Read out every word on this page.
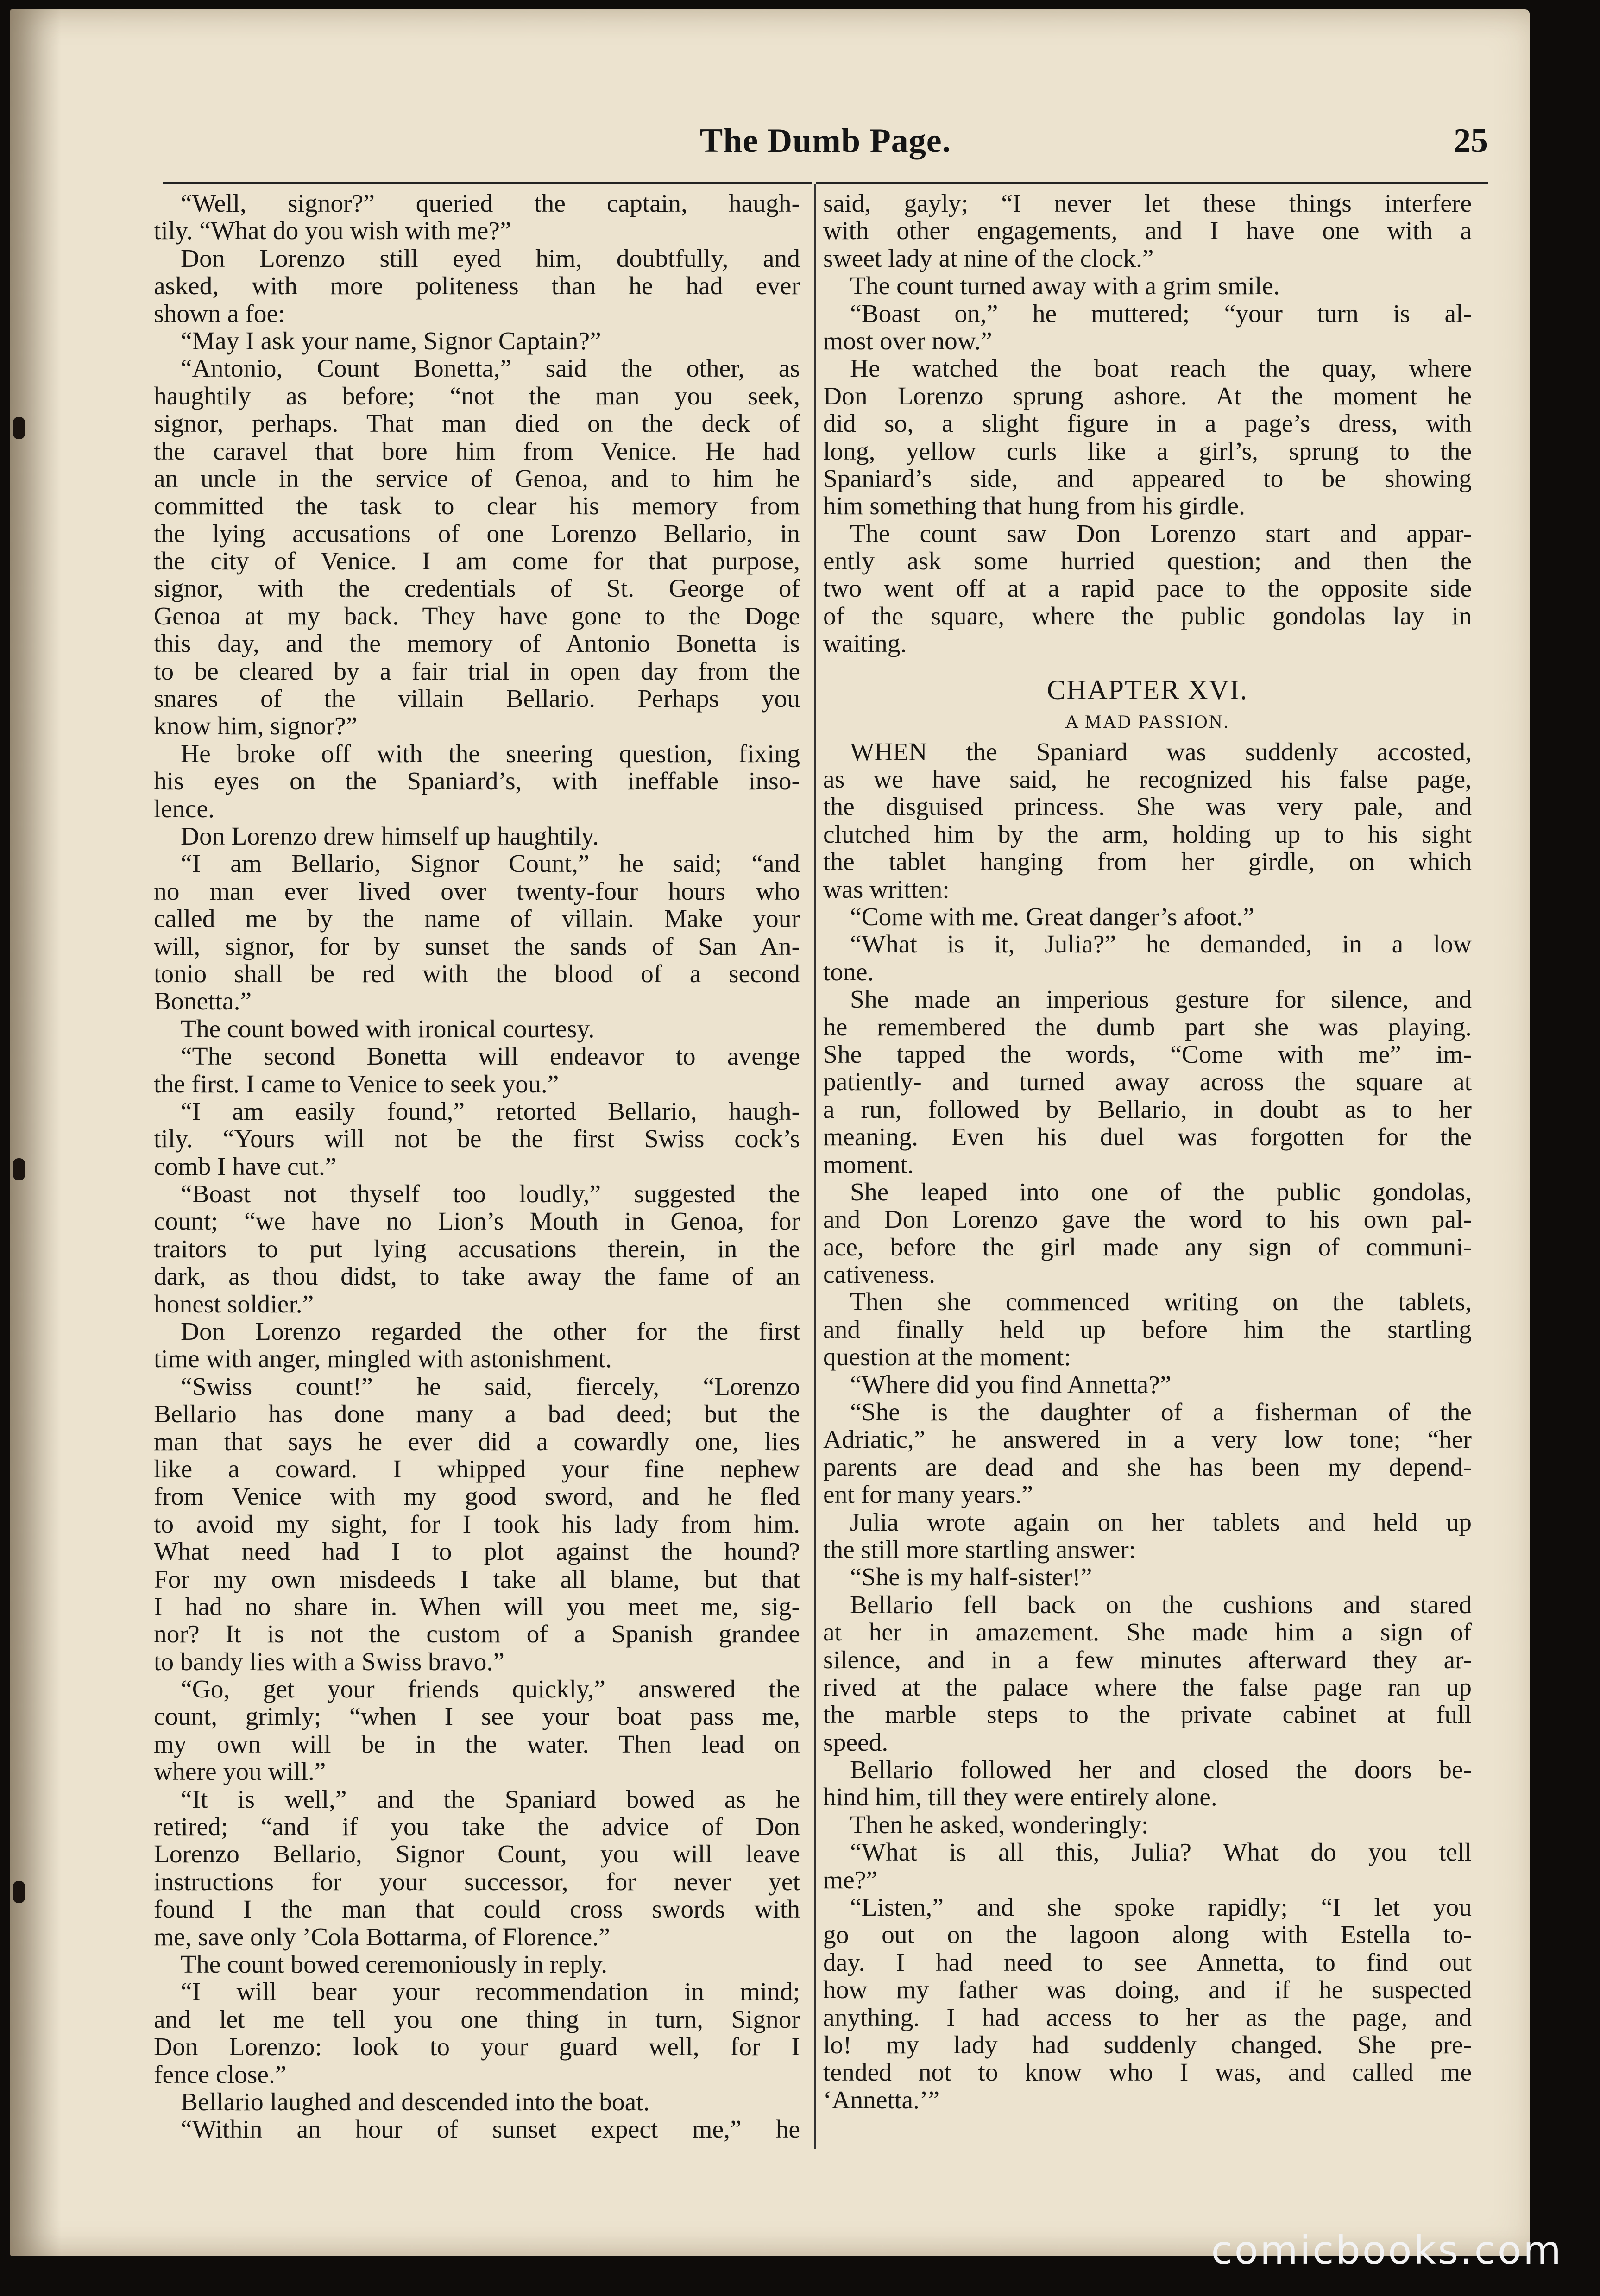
The Dumb Page.	25
“Well, signor?” queried the captain, haugh-
tily. “What do you wish with me?”
Don Lorenzo still eyed him, doubtfully, and
asked, with more politeness than he had ever
shown a foe:
“May I ask your name, Signor Captain?”
“Antonio, Count Bonetta,” said the other, as
haughtily as before; “not the man you seek,
signor, perhaps. That man died on the deck of
the caravel that bore him from Venice. He had
an uncle in the service of Genoa, and to him he
committed the task to clear his memory from
the lying accusations of one Lorenzo Bellario, in
the city of Venice. I am come for that purpose,
signor, with the credentials of St. George of
Genoa at my back. They have gone to the Doge
this day, and the memory of Antonio Bonetta is
to be cleared by a fair trial in open day from the
snares of the villain Bellario. Perhaps you
know him, signor?”
He broke off with the sneering question, fixing
his eyes on the Spaniard’s, with ineffable inso-
lence.
Don Lorenzo drew himself up haughtily.
“I am Bellario, Signor Count,” he said; “and
no man ever lived over twenty-four hours who
called me by the name of villain. Make your
will, signor, for by sunset the sands of San An-
tonio shall be red with the blood of a second
Bonetta.”
The count bowed with ironical courtesy.
“The second Bonetta will endeavor to avenge
the first. I came to Venice to seek you.”
“I am easily found,” retorted Bellario, haugh-
tily. “Yours will not be the first Swiss cock’s
comb I have cut.”
“Boast not thyself too loudly,” suggested the
count; “we have no Lion’s Mouth in Genoa, for
traitors to put lying accusations therein, in the
dark, as thou didst, to take away the fame of an
honest soldier.”
Don Lorenzo regarded the other for the first
time with anger, mingled with astonishment.
“Swiss count!” he said, fiercely, “Lorenzo
Bellario has done many a bad deed; but the
man that says he ever did a cowardly one, lies
like a coward. I whipped your fine nephew
from Venice with my good sword, and he fled
to avoid my sight, for I took his lady from him.
What need had I to plot against the hound?
For my own misdeeds I take all blame, but that
I had no share in. When will you meet me, sig-
nor? It is not the custom of a Spanish grandee
to bandy lies with a Swiss bravo.”
“Go, get your friends quickly,” answered the
count, grimly; “when I see your boat pass me,
my own will be in the water. Then lead on
where you will.”
“It is well,” and the Spaniard bowed as he
retired; “and if you take the advice of Don
Lorenzo Bellario, Signor Count, you will leave
instructions for your successor, for never yet
found I the man that could cross swords with
me, save only ’Cola Bottarma, of Florence.”
The count bowed ceremoniously in reply.
“I will bear your recommendation in mind;
and let me tell you one thing in turn, Signor
Don Lorenzo: look to your guard well, for I
fence close.”
Bellario laughed and descended into the boat.
“Within an hour of sunset expect me,” he
said, gayly; “I never let these things interfere
with other engagements, and I have one with a
sweet lady at nine of the clock.”
The count turned away with a grim smile.
“Boast on,” he muttered; “your turn is al-
most over now.”
He watched the boat reach the quay, where
Don Lorenzo sprung ashore. At the moment he
did so, a slight figure in a page’s dress, with
long, yellow curls like a girl’s, sprung to the
Spaniard’s side, and appeared to be showing
him something that hung from his girdle.
The count saw Don Lorenzo start and appar-
ently ask some hurried question; and then the
two went off at a rapid pace to the opposite side
of the square, where the public gondolas lay in
waiting.
CHAPTER XVI.
A MAD PASSION.
WHEN the Spaniard was suddenly accosted,
as we have said, he recognized his false page,
the disguised princess. She was very pale, and
clutched him by the arm, holding up to his sight
the tablet hanging from her girdle, on which
was written:
“Come with me. Great danger’s afoot.”
“What is it, Julia?” he demanded, in a low
tone.
She made an imperious gesture for silence, and
he remembered the dumb part she was playing.
She tapped the words, “Come with me” im-
patiently- and turned away across the square at
a run, followed by Bellario, in doubt as to her
meaning. Even his duel was forgotten for the
moment.
She leaped into one of the public gondolas,
and Don Lorenzo gave the word to his own pal-
ace, before the girl made any sign of communi-
cativeness.
Then she commenced writing on the tablets,
and finally held up before him the startling
question at the moment:
“Where did you find Annetta?”
“She is the daughter of a fisherman of the
Adriatic,” he answered in a very low tone; “her
parents are dead and she has been my depend-
ent for many years.”
Julia wrote again on her tablets and held up
the still more startling answer:
“She is my half-sister!”
Bellario fell back on the cushions and stared
at her in amazement. She made him a sign of
silence, and in a few minutes afterward they ar-
rived at the palace where the false page ran up
the marble steps to the private cabinet at full
speed.
Bellario followed her and closed the doors be-
hind him, till they were entirely alone.
Then he asked, wonderingly:
“What is all this, Julia? What do you tell
me?”
“Listen,” and she spoke rapidly; “I let you
go out on the lagoon along with Estella to-
day. I had need to see Annetta, to find out
how my father was doing, and if he suspected
anything. I had access to her as the page, and
lo! my lady had suddenly changed. She pre-
tended not to know who I was, and called me
‘Annetta.’”
comicbooks.com
